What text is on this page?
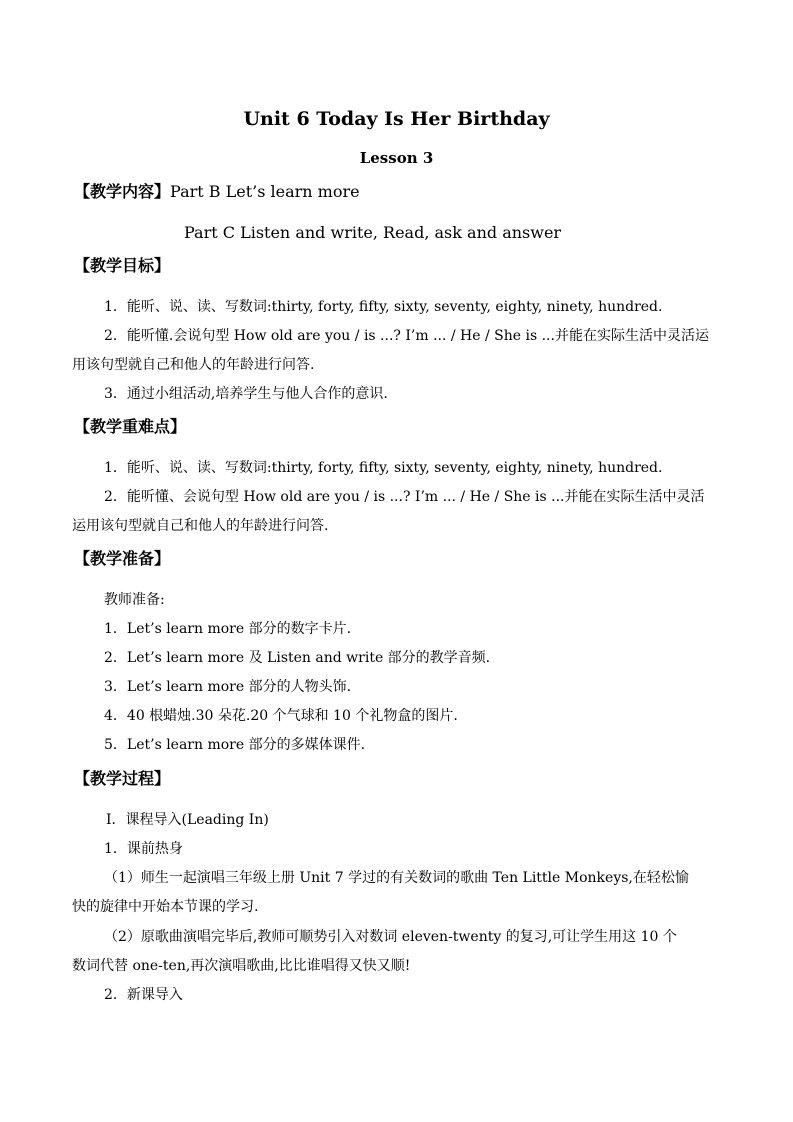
Unit 6 Today Is Her Birthday
Lesson 3
【教学内容】Part B Let’s learn more
Part C Listen and write, Read, ask and answer
【教学目标】
1．能听、说、读、写数词:thirty, forty, fifty, sixty, seventy, eighty, ninety, hundred.
2．能听懂.会说句型 How old are you / is ...? I’m ... / He / She is ...并能在实际生活中灵活运
用该句型就自己和他人的年龄进行问答.
3．通过小组活动,培养学生与他人合作的意识.
【教学重难点】
1．能听、说、读、写数词:thirty, forty, fifty, sixty, seventy, eighty, ninety, hundred.
2．能听懂、会说句型 How old are you / is ...? I’m ... / He / She is ...并能在实际生活中灵活
运用该句型就自己和他人的年龄进行问答.
【教学准备】
教师准备:
1．Let’s learn more 部分的数字卡片.
2．Let’s learn more 及 Listen and write 部分的教学音频.
3．Let’s learn more 部分的人物头饰.
4．40 根蜡烛.30 朵花.20 个气球和 10 个礼物盒的图片.
5．Let’s learn more 部分的多媒体课件.
【教学过程】
Ⅰ．课程导入(Leading In)
1．课前热身
（1）师生一起演唱三年级上册 Unit 7 学过的有关数词的歌曲 Ten Little Monkeys,在轻松愉
快的旋律中开始本节课的学习.
（2）原歌曲演唱完毕后,教师可顺势引入对数词 eleven-twenty 的复习,可让学生用这 10 个
数词代替 one-ten,再次演唱歌曲,比比谁唱得又快又顺!
2．新课导入
